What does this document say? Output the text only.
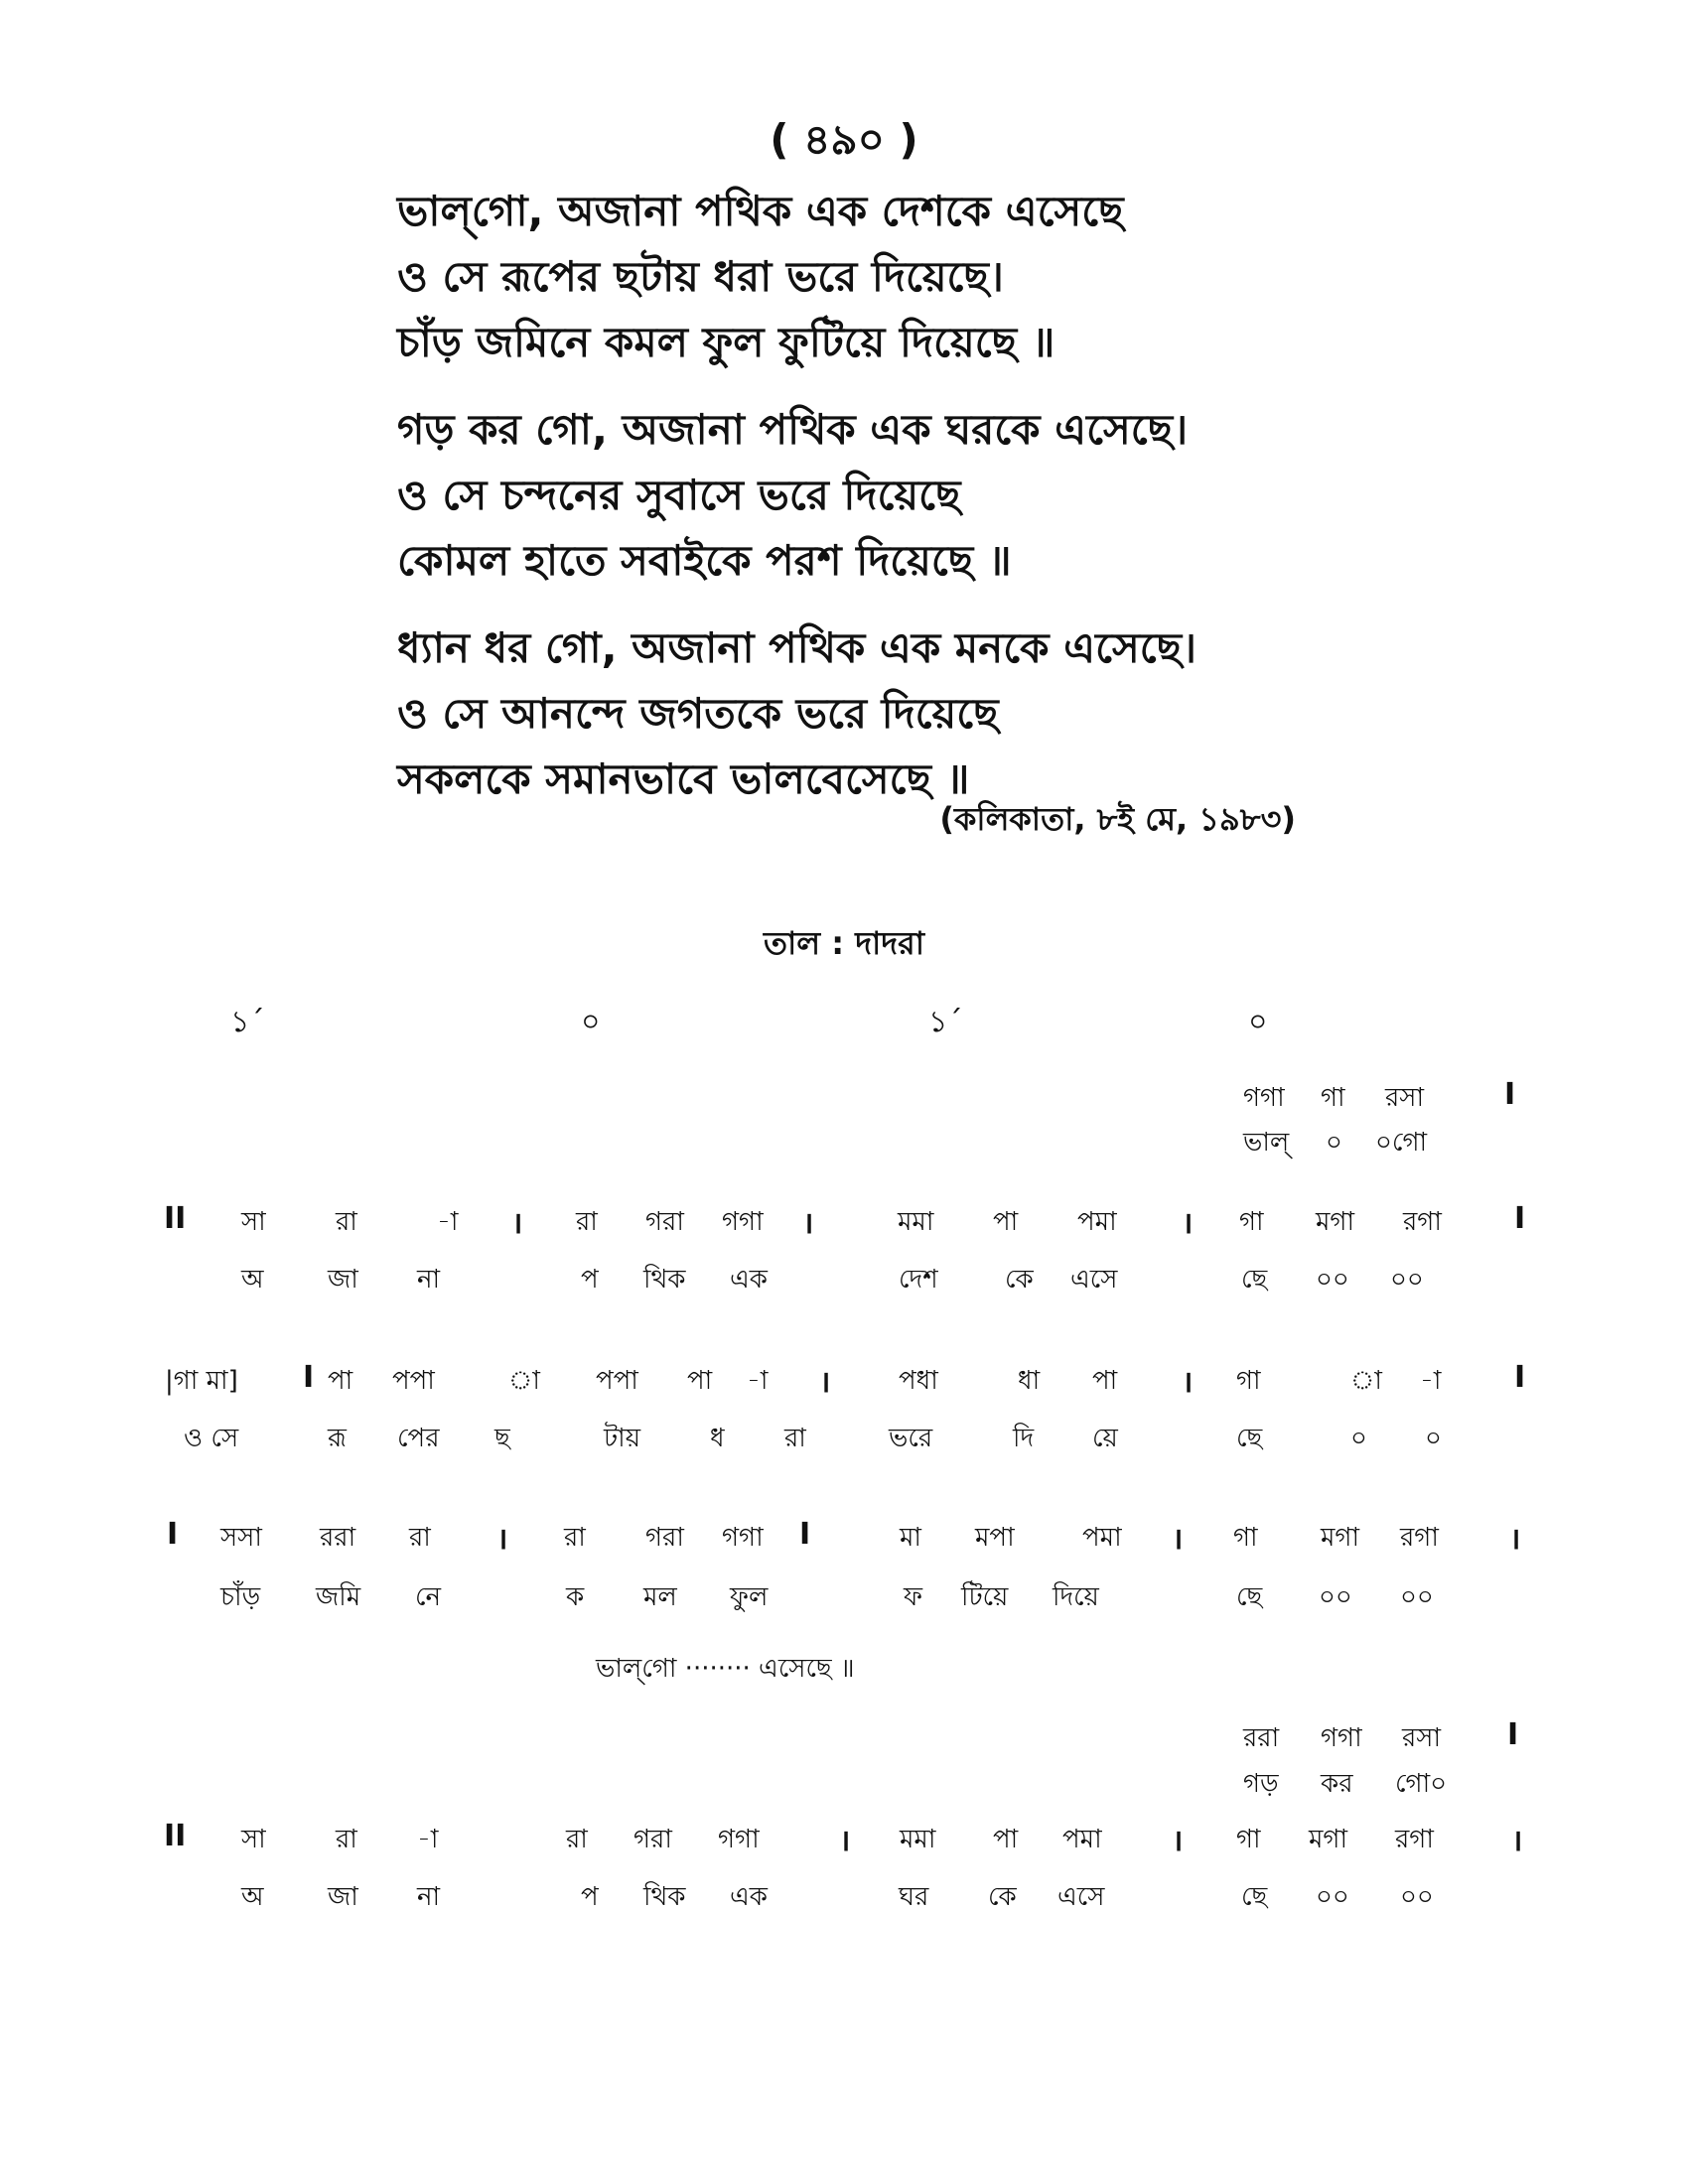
( ৪৯০ )
ভাল্‌গো, অজানা পথিক এক দেশকে এসেছে
ও সে রূপের ছটায় ধরা ভরে দিয়েছে।
চাঁড় জমিনে কমল ফুল ফুটিয়ে দিয়েছে ॥
গড় কর গো, অজানা পথিক এক ঘরকে এসেছে।
ও সে চন্দনের সুবাসে ভরে দিয়েছে
কোমল হাতে সবাইকে পরশ দিয়েছে ॥
ধ্যান ধর গো, অজানা পথিক এক মনকে এসেছে।
ও সে আনন্দে জগতকে ভরে দিয়েছে
সকলকে সমানভাবে ভালবেসেছে ॥
(কলিকাতা, ৮ই মে, ১৯৮৩)
তাল : দাদরা
১´	০	১´	০
গগা গা রসা	I
ভাল্‌ ০ ০গো
II সা	রা	-া । রা গরা গগা ।	মমা পা পমা । গা মগা রগা I
অ জা না	প থিক এক	দেশ	কে এসে	ছে ০০ ০০
|গা মা] I পা পপা	া পপা পা -া ।	পধা	ধা পা । গা	া -া I
ও সে	রূ পের ছ	টায়	ধ রা	ভরে	দি য়ে	ছে	০ ০
I সসা ররা রা । রা গরা গগা I	মা মপা	পমা । গা মগা রগা ।
চাঁড় জমি নে	ক মল ফুল	ফ টিয়ে দিয়ে	ছে ০০ ০০
ভাল্‌গো ········ এসেছে ॥
ররা গগা রসা I
গড় কর গো০
II সা	রা -া	রা গরা গগা	। মমা পা পমা । গা মগা রগা	।
অ জা না	প থিক এক	ঘর কে এসে	ছে ০০ ০০
